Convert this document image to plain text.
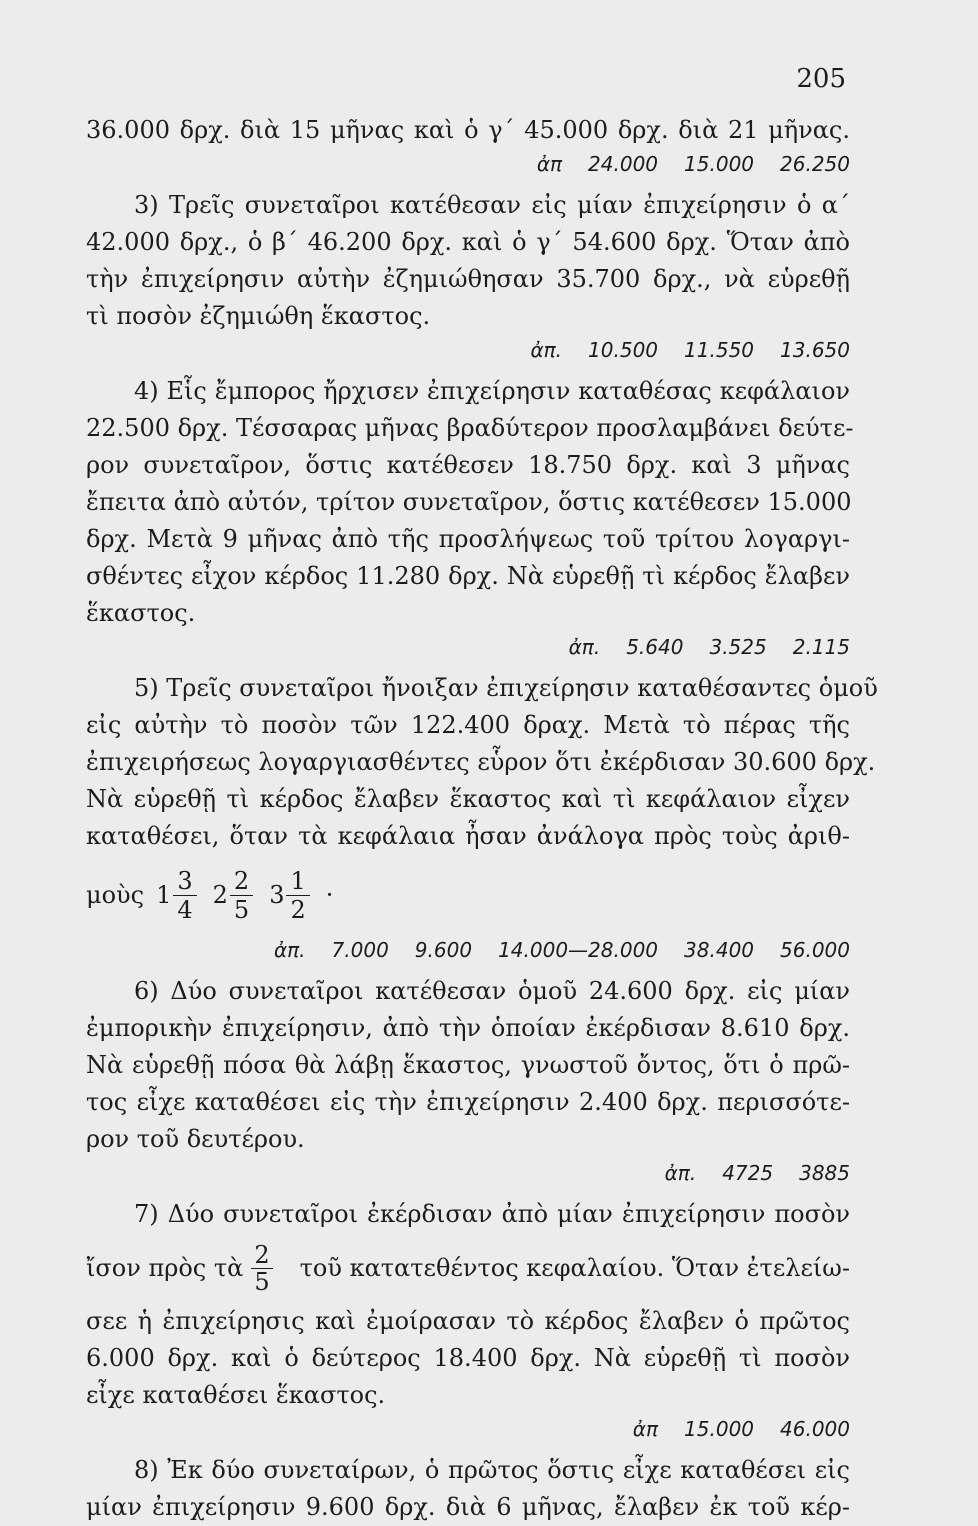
205
36.000 δρχ. διὰ 15 μῆνας καὶ ὁ γ΄ 45.000 δρχ. διὰ 21 μῆνας.
ἀπ 24.000 15.000 26.250
3) Τρεῖς συνεταῖροι κατέθεσαν εἰς μίαν ἐπιχείρησιν ὁ α΄
42.000 δρχ., ὁ β΄ 46.200 δρχ. καὶ ὁ γ΄ 54.600 δρχ. Ὅταν ἀπὸ
τὴν ἐπιχείρησιν αὐτὴν ἐζημιώθησαν 35.700 δρχ., νὰ εὑρεθῇ
τὶ ποσὸν ἐζημιώθη ἕκαστος.
ἀπ. 10.500 11.550 13.650
4) Εἷς ἔμπορος ἤρχισεν ἐπιχείρησιν καταθέσας κεφάλαιον
22.500 δρχ. Τέσσαρας μῆνας βραδύτερον προσλαμβάνει δεύτε-
ρον συνεταῖρον, ὅστις κατέθεσεν 18.750 δρχ. καὶ 3 μῆνας
ἔπειτα ἀπὸ αὐτόν, τρίτον συνεταῖρον, ὅστις κατέθεσεν 15.000
δρχ. Μετὰ 9 μῆνας ἀπὸ τῆς προσλήψεως τοῦ τρίτου λογαργι-
σθέντες εἶχον κέρδος 11.280 δρχ. Νὰ εὑρεθῇ τὶ κέρδος ἔλαβεν
ἕκαστος.
ἀπ. 5.640 3.525 2.115
5) Τρεῖς συνεταῖροι ἤνοιξαν ἐπιχείρησιν καταθέσαντες ὁμοῦ
εἰς αὐτὴν τὸ ποσὸν τῶν 122.400 δραχ. Μετὰ τὸ πέρας τῆς
ἐπιχειρήσεως λογαργιασθέντες εὗρον ὅτι ἐκέρδισαν 30.600 δρχ.
Νὰ εὑρεθῇ τὶ κέρδος ἔλαβεν ἕκαστος καὶ τὶ κεφάλαιον εἶχεν
καταθέσει, ὅταν τὰ κεφάλαια ἦσαν ἀνάλογα πρὸς τοὺς ἀριθ-
μοὺς $1 \frac{3}{4} 2 \frac{2}{5} 3 \frac{1}{2}$ ·
ἀπ. 7.000 9.600 14.000—28.000 38.400 56.000
6) Δύο συνεταῖροι κατέθεσαν ὁμοῦ 24.600 δρχ. εἰς μίαν
ἐμπορικὴν ἐπιχείρησιν, ἀπὸ τὴν ὁποίαν ἐκέρδισαν 8.610 δρχ.
Νὰ εὑρεθῇ πόσα θὰ λάβῃ ἕκαστος, γνωστοῦ ὄντος, ὅτι ὁ πρῶ-
τος εἶχε καταθέσει εἰς τὴν ἐπιχείρησιν 2.400 δρχ. περισσότε-
ρον τοῦ δευτέρου.
ἀπ. 4725 3885
7) Δύο συνεταῖροι ἐκέρδισαν ἀπὸ μίαν ἐπιχείρησιν ποσὸν
ἴσον πρὸς τὰ 2
5 τοῦ κατατεθέντος κεφαλαίου. Ὅταν ἐτελείω-
σεε ἡ ἐπιχείρησις καὶ ἐμοίρασαν τὸ κέρδος ἔλαβεν ὁ πρῶτος
6.000 δρχ. καὶ ὁ δεύτερος 18.400 δρχ. Νὰ εὑρεθῇ τὶ ποσὸν
εἶχε καταθέσει ἕκαστος.
ἀπ 15.000 46.000
8) Ἐκ δύο συνεταίρων, ὁ πρῶτος ὅστις εἶχε καταθέσει εἰς
μίαν ἐπιχείρησιν 9.600 δρχ. διὰ 6 μῆνας, ἔλαβεν ἐκ τοῦ κέρ-
